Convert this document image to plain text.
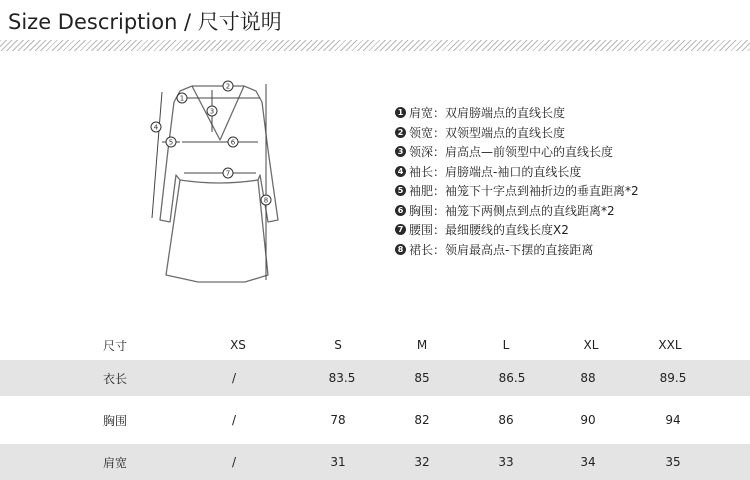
Size Description / 尺寸说明
1
2
3
4
5	6
7
8
1 肩宽：双肩膀端点的直线长度
2 领宽：双领型端点的直线长度
3 领深：肩高点—前领型中心的直线长度
4 袖长：肩膀端点-袖口的直线长度
5 袖肥：袖笼下十字点到袖折边的垂直距离*2
6 胸围：袖笼下两侧点到点的直线距离*2
7 腰围：最细腰线的直线长度X2
8 裙长：领肩最高点-下摆的直接距离
尺寸	XS	S	M	L	XL	XXL
衣长	/	83.5	85	86.5	88	89.5
胸围	/	78	82	86	90	94
肩宽	/	31	32	33	34	35
